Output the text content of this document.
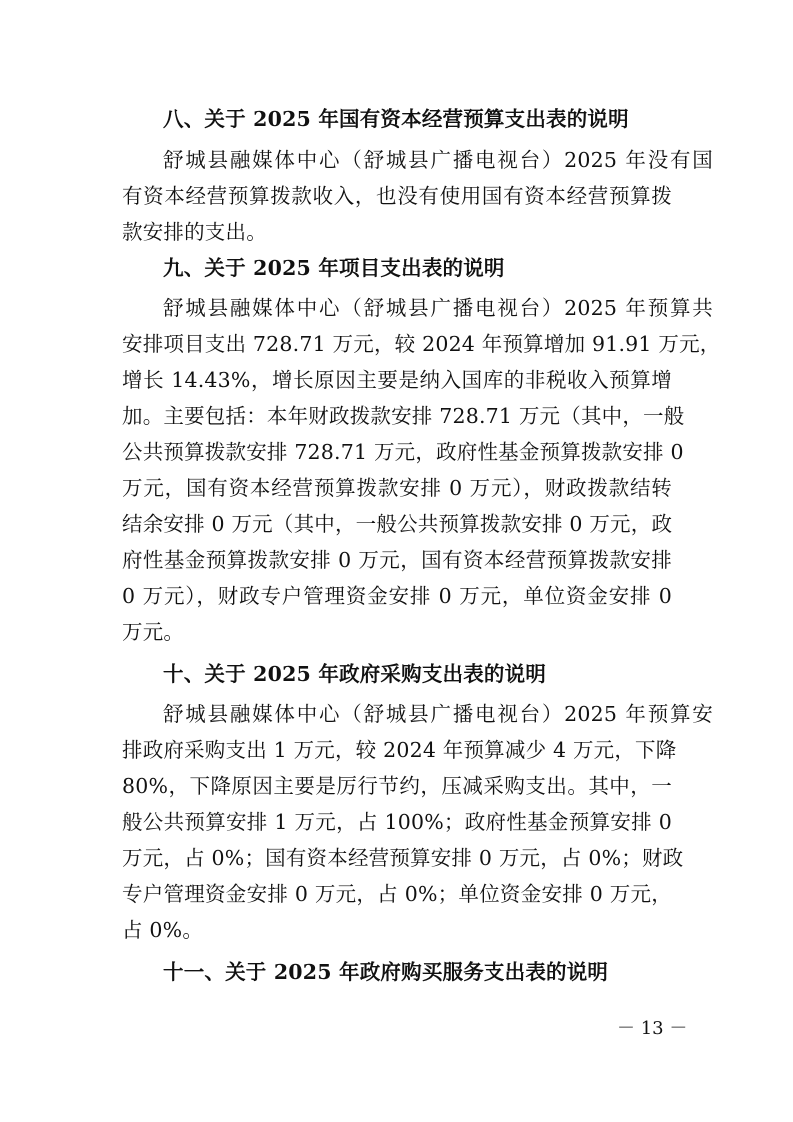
八、关于 2025 年国有资本经营预算支出表的说明

舒城县融媒体中心（舒城县广播电视台）2025 年没有国

有资本经营预算拨款收入，也没有使用国有资本经营预算拨

款安排的支出。

九、关于 2025 年项目支出表的说明

舒城县融媒体中心（舒城县广播电视台）2025 年预算共

安排项目支出 728.71 万元，较 2024 年预算增加 91.91 万元，

增长 14.43%，增长原因主要是纳入国库的非税收入预算增

加。主要包括：本年财政拨款安排 728.71 万元（其中，一般

公共预算拨款安排 728.71 万元，政府性基金预算拨款安排 0

万元，国有资本经营预算拨款安排 0 万元），财政拨款结转

结余安排 0 万元（其中，一般公共预算拨款安排 0 万元，政

府性基金预算拨款安排 0 万元，国有资本经营预算拨款安排

0 万元），财政专户管理资金安排 0 万元，单位资金安排 0

万元。

十、关于 2025 年政府采购支出表的说明

舒城县融媒体中心（舒城县广播电视台）2025 年预算安

排政府采购支出 1 万元，较 2024 年预算减少 4 万元，下降

80%，下降原因主要是厉行节约，压减采购支出。其中，一

般公共预算安排 1 万元，占 100%；政府性基金预算安排 0

万元，占 0%；国有资本经营预算安排 0 万元，占 0%；财政

专户管理资金安排 0 万元，占 0%；单位资金安排 0 万元，

占 0%。

十一、关于 2025 年政府购买服务支出表的说明

－ 13 －
